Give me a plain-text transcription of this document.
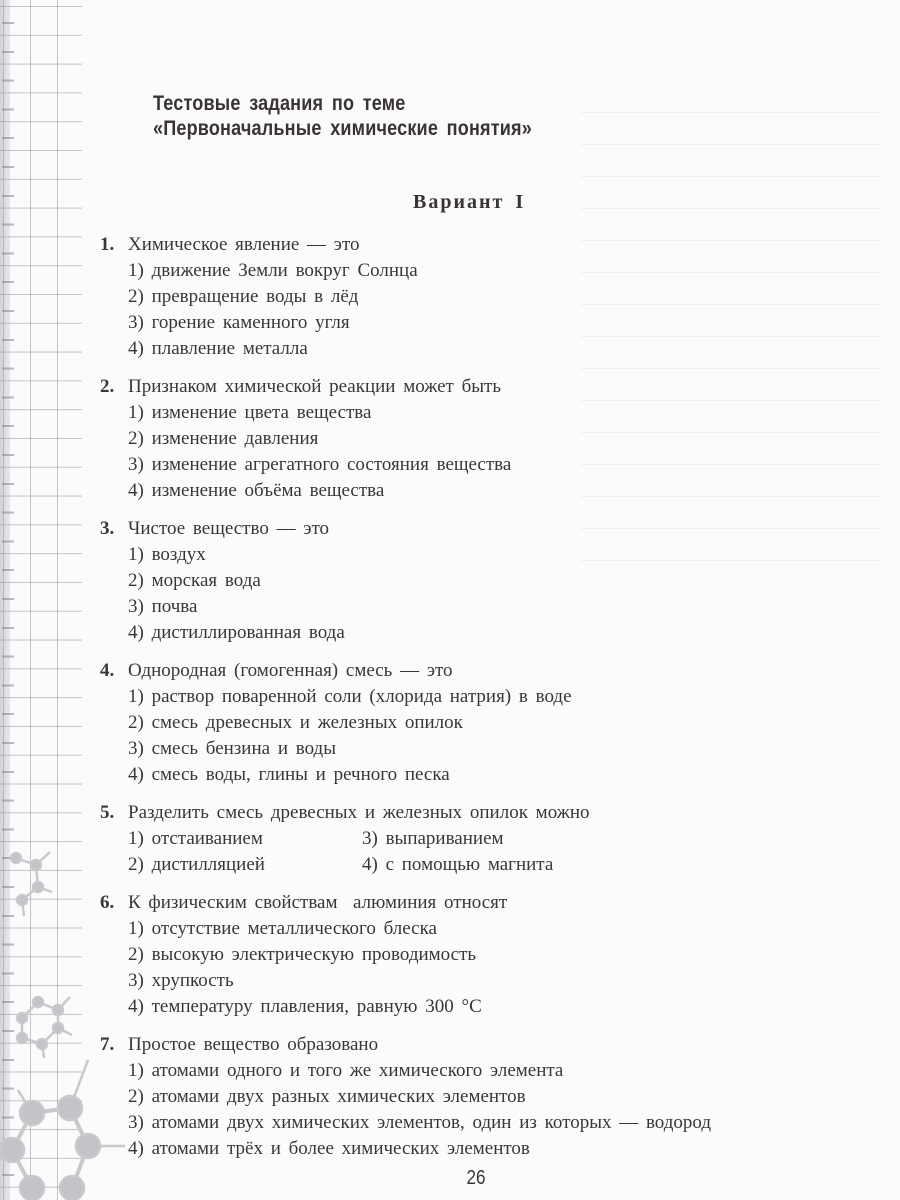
Тестовые задания по теме
«Первоначальные химические понятия»
Вариант I
1. Химическое явление — это
1) движение Земли вокруг Солнца
2) превращение воды в лёд
3) горение каменного угля
4) плавление металла
2. Признаком химической реакции может быть
1) изменение цвета вещества
2) изменение давления
3) изменение агрегатного состояния вещества
4) изменение объёма вещества
3. Чистое вещество — это
1) воздух
2) морская вода
3) почва
4) дистиллированная вода
4. Однородная (гомогенная) смесь — это
1) раствор поваренной соли (хлорида натрия) в воде
2) смесь древесных и железных опилок
3) смесь бензина и воды
4) смесь воды, глины и речного песка
5. Разделить смесь древесных и железных опилок можно
1) отстаиванием	3) выпариванием
2) дистилляцией	4) с помощью магнита
6. К физическим свойствам  алюминия относят
1) отсутствие металлического блеска
2) высокую электрическую проводимость
3) хрупкость
4) температуру плавления, равную 300 °С
7. Простое вещество образовано
1) атомами одного и того же химического элемента
2) атомами двух разных химических элементов
3) атомами двух химических элементов, один из которых — водород
4) атомами трёх и более химических элементов
26
